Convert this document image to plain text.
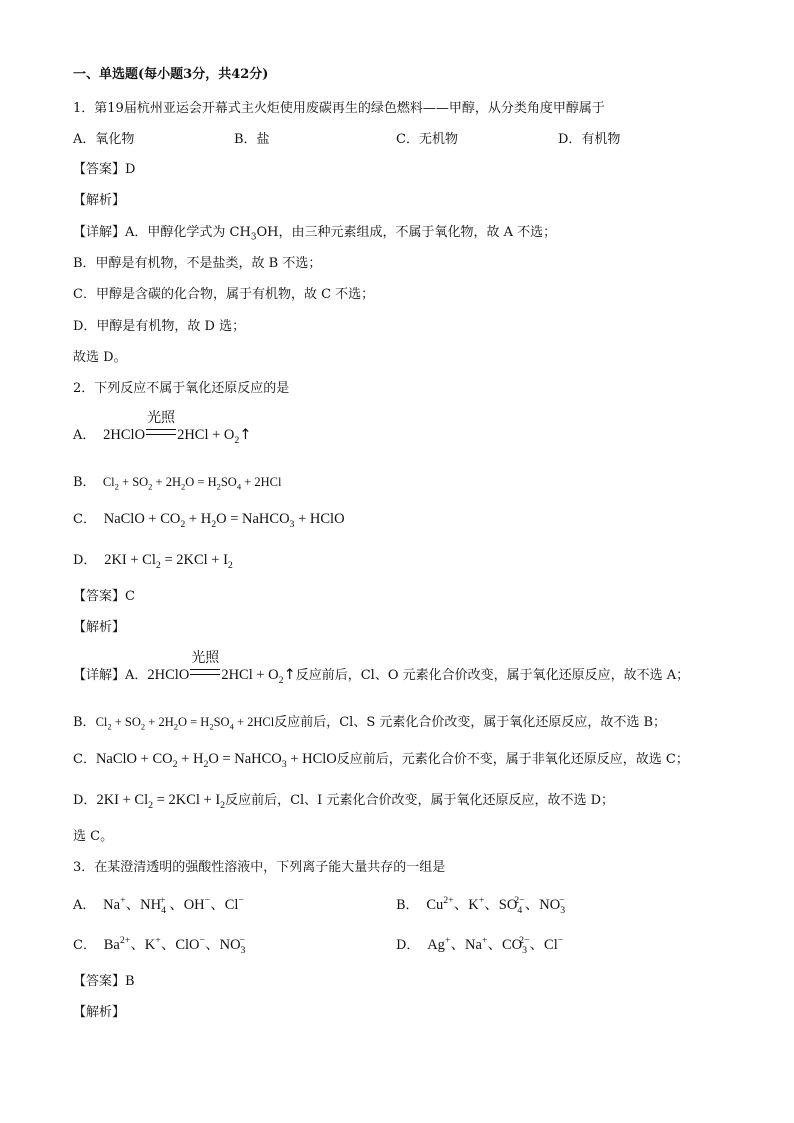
一、单选题(每小题3分，共42分)
1．第19届杭州亚运会开幕式主火炬使用废碳再生的绿色燃料——甲醇，从分类角度甲醇属于
A．氧化物	B．盐	C．无机物	D．有机物
【答案】D
【解析】
【详解】A．甲醇化学式为 $CH_3OH$，由三种元素组成，不属于氧化物，故 A 不选；
B．甲醇是有机物，不是盐类，故 B 不选；
C．甲醇是含碳的化合物，属于有机物，故 C 不选；
D．甲醇是有机物，故 D 选；
故选 D。
2．下列反应不属于氧化还原反应的是
A．  2HClO
光照
$2HCl + O_2↑$
B．  $Cl_2 + SO_2 + 2H_2O = H_2SO_4 + 2HCl$
C．  NaClO + $CO_2 + H_2O$ = NaHCO$_3$ + HClO
D．  $2KI + Cl_2 = 2KCl + I_2$
【答案】C
【解析】
【详解】A．2HClO
光照
$2HCl + O_2↑$反应前后，Cl、O 元素化合价改变，属于氧化还原反应，故不选 A；
B．$Cl_2 + SO_2 + 2H_2O = H_2SO_4 + 2HCl$反应前后，Cl、S 元素化合价改变，属于氧化还原反应，故不选 B；
C．NaClO + $CO_2 + H_2O$ = NaHCO$_3$ + HClO反应前后，元素化合价不变，属于非氧化还原反应，故选 C；
D．$2KI + Cl_2 = 2KCl + I_2$反应前后，Cl、I 元素化合价改变，属于氧化还原反应，故不选 D；
选 C。
3．在某澄清透明的强酸性溶液中，下列离子能大量共存的一组是
A．  Na+、$NH_4^+$ 、OH−、Cl−	B．  $Cu^{2+}$、K+、$SO_4^{2-}$、$NO_3^-$
C．  $Ba^{2+}$、K+、ClO−、$NO_3^-$	D．  Ag+、Na+、$CO_3^{2-}$、Cl−
【答案】B
【解析】
